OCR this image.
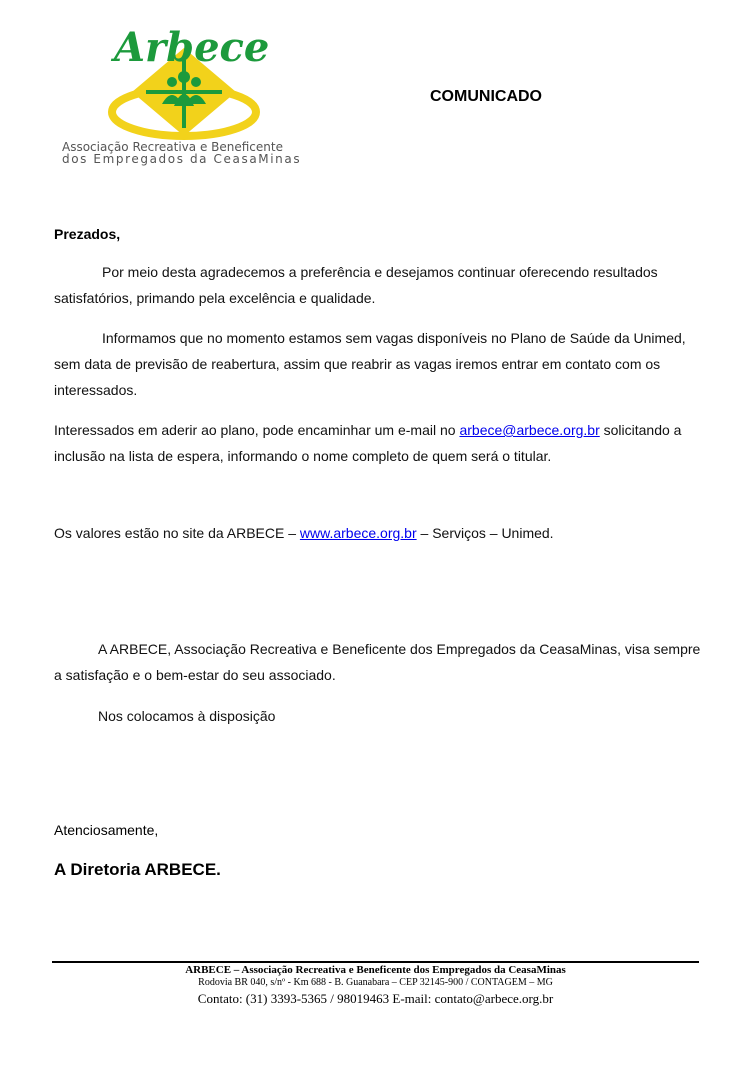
Arbece
Associação Recreativa e Beneficente
dos Empregados da CeasaMinas
COMUNICADO
Prezados,
Por meio desta agradecemos a preferência e desejamos continuar oferecendo resultados satisfatórios, primando pela excelência e qualidade.
Informamos que no momento estamos sem vagas disponíveis no Plano de Saúde da Unimed, sem data de previsão de reabertura, assim que reabrir as vagas iremos entrar em contato com os interessados.
Interessados em aderir ao plano, pode encaminhar um e-mail no arbece@arbece.org.br solicitando a inclusão na lista de espera, informando o nome completo de quem será o titular.
Os valores estão no site da ARBECE – www.arbece.org.br – Serviços – Unimed.
A ARBECE, Associação Recreativa e Beneficente dos Empregados da CeasaMinas, visa sempre a satisfação e o bem-estar do seu associado.
Nos colocamos à disposição
Atenciosamente,
A Diretoria ARBECE.
ARBECE – Associação Recreativa e Beneficente dos Empregados da CeasaMinas
Rodovia BR 040, s/nº - Km 688 - B. Guanabara – CEP 32145-900 / CONTAGEM – MG
Contato: (31) 3393-5365 / 98019463 E-mail: contato@arbece.org.br
